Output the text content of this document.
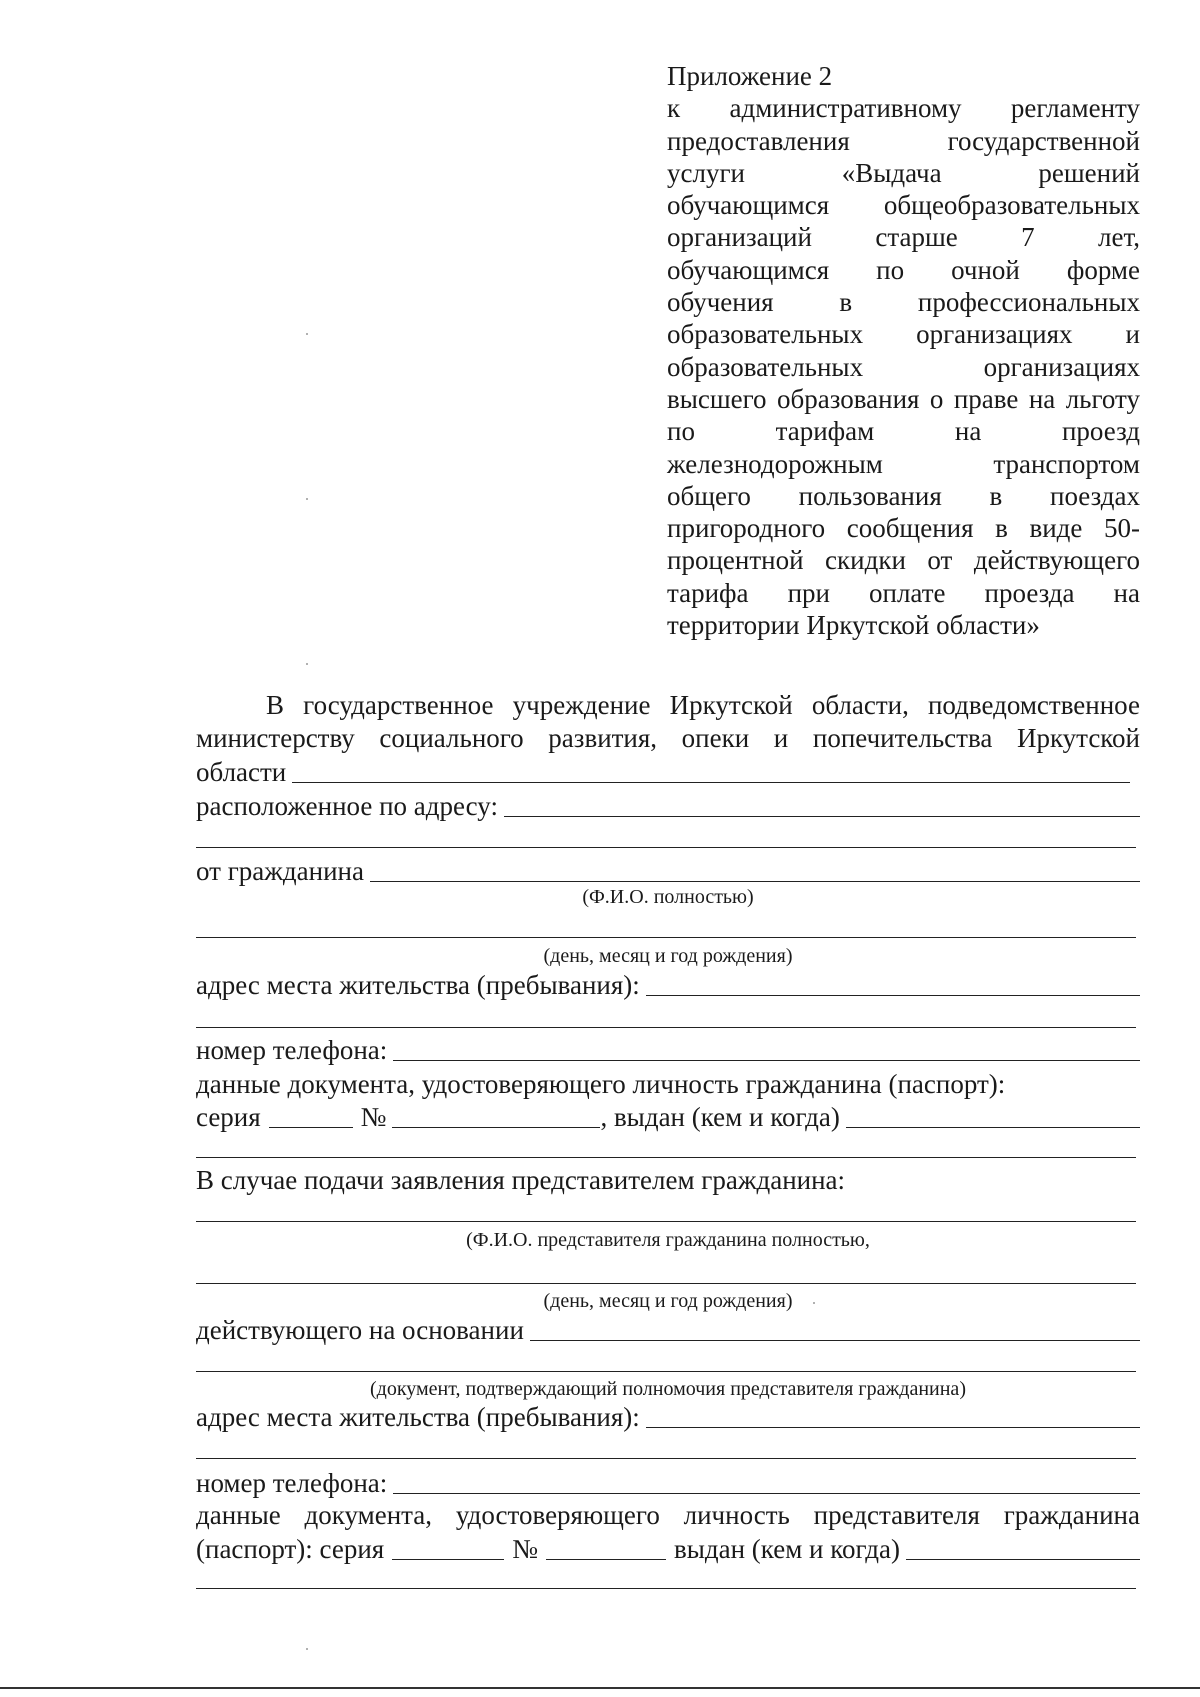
Приложение 2
к административному регламенту
предоставления государственной
услуги «Выдача решений
обучающимся общеобразовательных
организаций старше 7 лет,
обучающимся по очной форме
обучения в профессиональных
образовательных организациях и
образовательных организациях
высшего образования о праве на льготу
по тарифам на проезд
железнодорожным транспортом
общего пользования в поездах
пригородного сообщения в виде 50-
процентной скидки от действующего
тарифа при оплате проезда на
территории Иркутской области»
В государственное учреждение Иркутской области, подведомственное
министерству социального развития, опеки и попечительства Иркутской
области
расположенное по адресу:
от гражданина
(Ф.И.О. полностью)
(день, месяц и год рождения)
адрес места жительства (пребывания):
номер телефона:
данные документа, удостоверяющего личность гражданина (паспорт):
серия	№	, выдан (кем и когда)
В случае подачи заявления представителем гражданина:
(Ф.И.О. представителя гражданина полностью,
(день, месяц и год рождения)
действующего на основании
(документ, подтверждающий полномочия представителя гражданина)
адрес места жительства (пребывания):
номер телефона:
данные документа, удостоверяющего личность представителя гражданина
(паспорт): серия	№	выдан (кем и когда)
